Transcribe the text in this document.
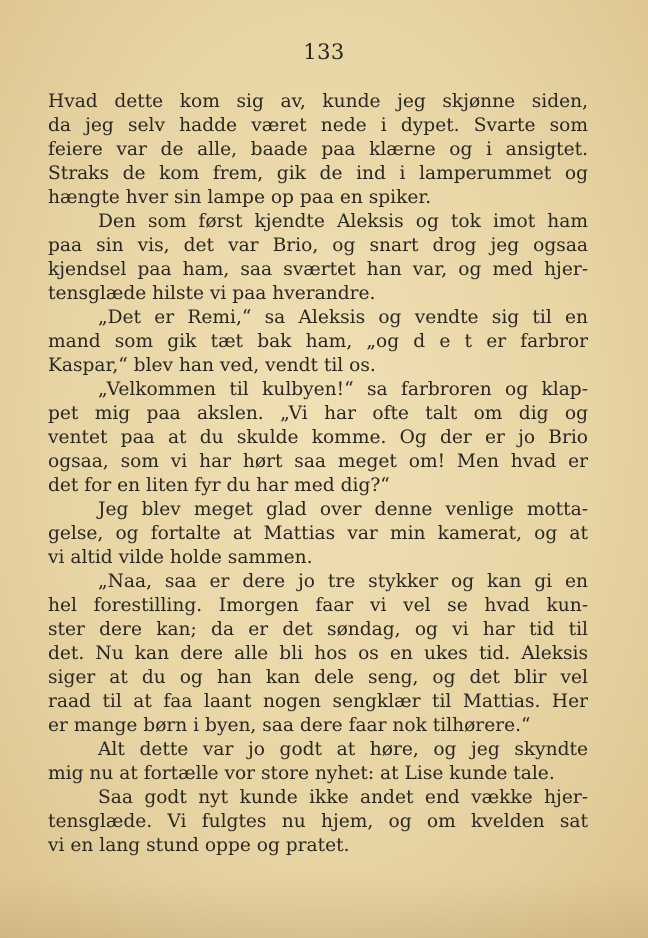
133
Hvad dette kom sig av, kunde jeg skjønne siden,
da jeg selv hadde været nede i dypet. Svarte som
feiere var de alle, baade paa klærne og i ansigtet.
Straks de kom frem, gik de ind i lamperummet og
hængte hver sin lampe op paa en spiker.
Den som først kjendte Aleksis og tok imot ham
paa sin vis, det var Brio, og snart drog jeg ogsaa
kjendsel paa ham, saa sværtet han var, og med hjer-
tensglæde hilste vi paa hverandre.
„Det er Remi,“ sa Aleksis og vendte sig til en
mand som gik tæt bak ham, „og d e t er farbror
Kaspar,“ blev han ved, vendt til os.
„Velkommen til kulbyen!“ sa farbroren og klap-
pet mig paa akslen. „Vi har ofte talt om dig og
ventet paa at du skulde komme. Og der er jo Brio
ogsaa, som vi har hørt saa meget om! Men hvad er
det for en liten fyr du har med dig?“
Jeg blev meget glad over denne venlige motta-
gelse, og fortalte at Mattias var min kamerat, og at
vi altid vilde holde sammen.
„Naa, saa er dere jo tre stykker og kan gi en
hel forestilling. Imorgen faar vi vel se hvad kun-
ster dere kan; da er det søndag, og vi har tid til
det. Nu kan dere alle bli hos os en ukes tid. Aleksis
siger at du og han kan dele seng, og det blir vel
raad til at faa laant nogen sengklær til Mattias. Her
er mange børn i byen, saa dere faar nok tilhørere.“
Alt dette var jo godt at høre, og jeg skyndte
mig nu at fortælle vor store nyhet: at Lise kunde tale.
Saa godt nyt kunde ikke andet end vække hjer-
tensglæde. Vi fulgtes nu hjem, og om kvelden sat
vi en lang stund oppe og pratet.
